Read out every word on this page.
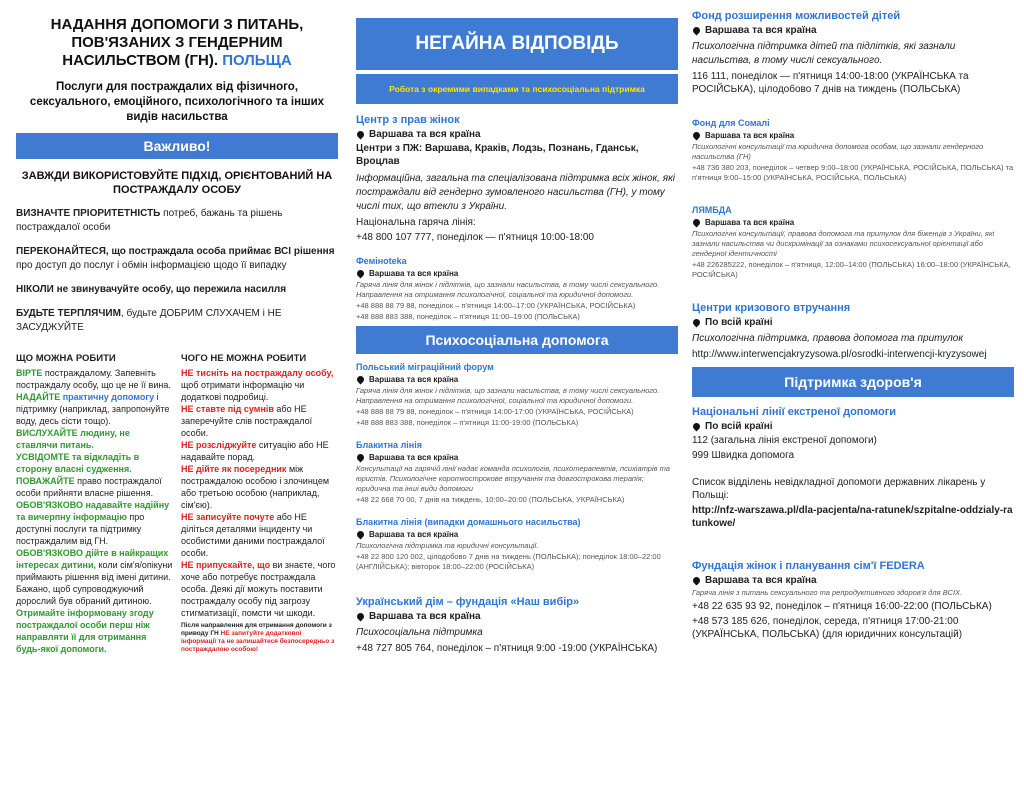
НАДАННЯ ДОПОМОГИ З ПИТАНЬ, ПОВ'ЯЗАНИХ З ГЕНДЕРНИМ НАСИЛЬСТВОМ (ГН). ПОЛЬЩА
Послуги для постраждалих від фізичного, сексуального, емоційного, психологічного та інших видів насильства
Важливо!
ЗАВЖДИ ВИКОРИСТОВУЙТЕ ПІДХІД, ОРІЄНТОВАНИЙ НА ПОСТРАЖДАЛУ ОСОБУ
ВИЗНАЧТЕ ПРІОРИТЕТНІСТЬ потреб, бажань та рішень постраждалої особи
ПЕРЕКОНАЙТЕСЯ, що постраждала особа приймає ВСІ рішення про доступ до послуг і обмін інформацією щодо її випадку
НІКОЛИ не звинувачуйте особу, що пережила насилля
БУДЬТЕ ТЕРПЛЯЧИМ, будьте ДОБРИМ СЛУХАЧЕМ і НЕ ЗАСУДЖУЙТЕ
ЩО МОЖНА РОБИТИ
ВІРТЕ постраждалому. Запевніть постраждалу особу, що це не її вина.
НАДАЙТЕ практичну допомогу і підтримку (наприклад, запропонуйте воду, десь сісти тощо).
ВИСЛУХАЙТЕ людину, не ставлячи питань.
УСВІДОМТЕ та відкладіть в сторону власні судження.
ПОВАЖАЙТЕ право постраждалої особи прийняти власне рішення.
ОБОВ'ЯЗКОВО надавайте надійну та вичерпну інформацію про доступні послуги та підтримку постраждалим від ГН.
ОБОВ'ЯЗКОВО дійте в найкращих інтересах дитини, коли сім'я/опікуни приймають рішення від імені дитини. Бажано, щоб супроводжуючий дорослий був обраний дитиною.
Отримайте інформовану згоду постраждалої особи перш ніж направляти її для отримання будь-якої допомоги.
ЧОГО НЕ МОЖНА РОБИТИ
НЕ тисніть на постраждалу особу, щоб отримати інформацію чи додаткові подробиці.
НЕ ставте під сумнів або НЕ заперечуйте слів постраждалої особи.
НЕ розсліджуйте ситуацію або НЕ надавайте порад.
НЕ дійте як посередник між постраждалою особою і злочинцем або третьою особою (наприклад, сім'єю).
НЕ записуйте почуте або НЕ діліться деталями інциденту чи особистими даними постраждалої особи.
НЕ припускайте, що ви знаєте, чого хоче або потребує постраждала особа. Деякі дії можуть поставити постраждалу особу під загрозу стигматизації, помсти чи шкоди.
Після направлення для отримання допомоги з приводу ГН НЕ запитуйте додаткової інформації та не залишайтеся безпосередньо з постраждалою особою!
НЕГАЙНА ВІДПОВІДЬ
Робота з окремими випадками та психосоціальна підтримка
Центр з прав жінок
Варшава та вся країна
Центри з ПЖ: Варшава, Краків, Лодзь, Познань, Гданськ, Вроцлав
Інформаційна, загальна та спеціалізована підтримка всіх жінок, які постраждали від гендерно зумовленого насильства (ГН), у тому числі тих, що втекли з України.
Національна гаряча лінія:
+48 800 107 777, понеділок — п'ятниця 10:00-18:00
Феміноteka
Варшава та вся країна
Гаряча лінія для жінок і підлітків, що зазнали насильства, в тому числі сексуального. Направлення на отримання психологічної, соціальної та юридичної допомоги.
+48 888 88 79 88, понеділок – п'ятниця 14:00–17:00 (УКРАЇНСЬКА, РОСІЙСЬКА)
+48 888 883 388, понеділок – п'ятниця 11:00–19:00 (ПОЛЬСЬКА)
Психосоціальна допомога
Польський міграційний форум
Варшава та вся країна
Гаряча лінія для жінок і підлітків, що зазнали насильства, в тому числі сексуального. Направлення на отримання психологічної, соціальної та юридичної допомоги.
+48 888 88 79 88, понеділок – п'ятниця 14:00-17:00 (УКРАЇНСЬКА, РОСІЙСЬКА)
+48 888 883 388, понеділок – п'ятниця 11:00-19:00 (ПОЛЬСЬКА)
Блакитна лінія
Варшава та вся країна
Консультації на гарячій лінії надає команда психологів, психотерапевтів, психіатрів та юристів. Психологічне короткострокове втручання та довгострокова терапія; юридична та інші види допомоги
+48 22 668 70 00, 7 днів на тиждень, 10:00–20:00 (ПОЛЬСЬКА, УКРАЇНСЬКА)
Блакитна лінія (випадки домашнього насильства)
Варшава та вся країна
Психологічна підтримка та юридичні консультації.
+48 22 800 120 002, цілодобово 7 днів на тиждень (ПОЛЬСЬКА); понеділок 18:00–22:00 (АНГЛІЙСЬКА); вівторок 18:00–22:00 (РОСІЙСЬКА)
Український дім – фундація «Наш вибір»
Варшава та вся країна
Психосоціальна підтримка
+48 727 805 764, понеділок – п'ятниця 9:00 -19:00 (УКРАЇНСЬКА)
Фонд розширення можливостей дітей
Варшава та вся країна
Психологічна підтримка дітей та підлітків, які зазнали насильства, в тому числі сексуального.
116 111, понеділок — п'ятниця 14:00-18:00 (УКРАЇНСЬКА та РОСІЙСЬКА), цілодобово 7 днів на тиждень (ПОЛЬСЬКА)
Фонд для Сомалі
Варшава та вся країна
Психологічні консультації та юридична допомога особам, що зазнали гендерного насильства (ГН)
+48 736 380 203, понеділок – четвер 9:00–18:00 (УКРАЇНСЬКА, РОСІЙСЬКА, ПОЛЬСЬКА) та п'ятниця 9:00–15:00 (УКРАЇНСЬКА, РОСІЙСЬКА, ПОЛЬСЬКА)
ЛЯМБДА
Варшава та вся країна
Психологічні консультації, правова допомога та притулок для біженців з України, які зазнали насильства чи дискримінації за ознаками психосексуальної орієнтації або гендерної ідентичності
+48 226285222, понеділок – п'ятниця, 12:00–14:00 (ПОЛЬСЬКА) 16:00–18:00 (УКРАЇНСЬКА, РОСІЙСЬКА)
Центри кризового втручання
По всій країні
Психологічна підтримка, правова допомога та притулок
http://www.interwencjakryzysowa.pl/osrodki-interwencji-kryzysowej
Підтримка здоров'я
Національні лінії екстреної допомоги
По всій країні
112 (загальна лінія екстреної допомоги)
999 Швидка допомога
Список відділень невідкладної допомоги державних лікарень у Польщі:
http://nfz-warszawa.pl/dla-pacjenta/na-ratunek/szpitalne-oddzialy-ratunkowe/
Фундація жінок і планування сім'ї FEDERA
Варшава та вся країна
Гаряча лінія з питань сексуального та репродуктивного здоров'я для ВСІХ.
+48 22 635 93 92, понеділок – п'ятниця 16:00-22:00 (ПОЛЬСЬКА)
+48 573 185 626, понеділок, середа, п'ятниця 17:00-21:00 (УКРАЇНСЬКА, ПОЛЬСЬКА) (для юридичних консультацій)
